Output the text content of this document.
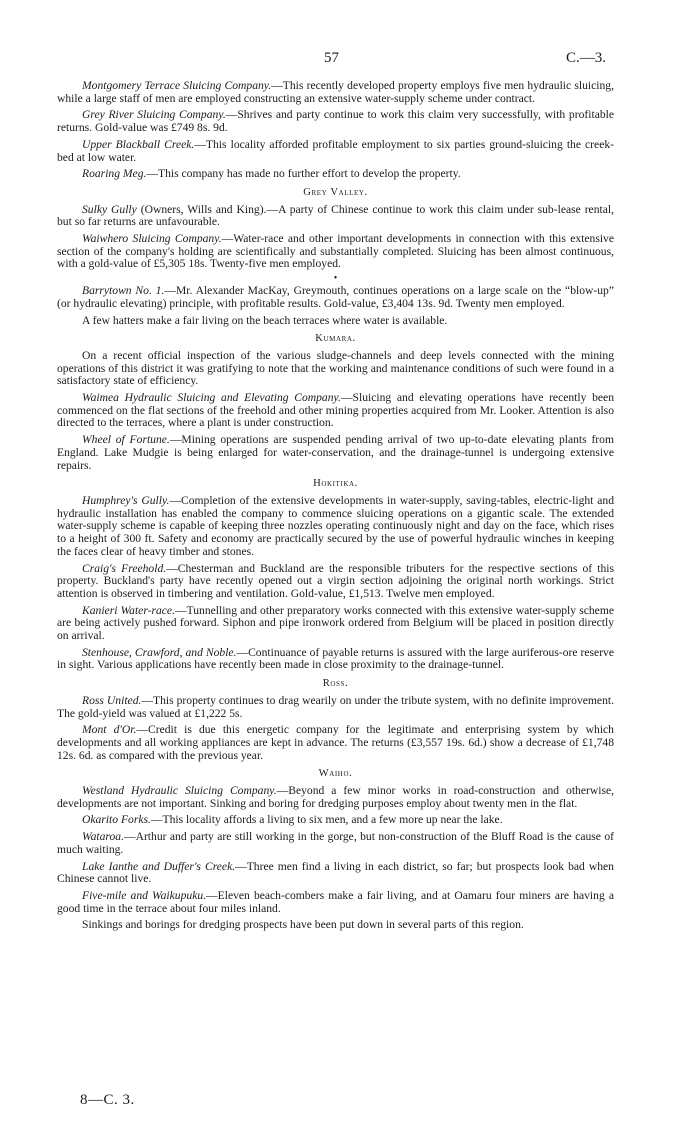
57	C.—3.

Montgomery Terrace Sluicing Company.—This recently developed property employs five men hydraulic sluicing, while a large staff of men are employed constructing an extensive water-supply scheme under contract.

Grey River Sluicing Company.—Shrives and party continue to work this claim very successfully, with profitable returns. Gold-value was £749 8s. 9d.

Upper Blackball Creek.—This locality afforded profitable employment to six parties ground-sluicing the creek-bed at low water.

Roaring Meg.—This company has made no further effort to develop the property.

Grey Valley.

Sulky Gully (Owners, Wills and King).—A party of Chinese continue to work this claim under sub-lease rental, but so far returns are unfavourable.

Waiwhero Sluicing Company.—Water-race and other important developments in connection with this extensive section of the company's holding are scientifically and substantially completed. Sluicing has been almost continuous, with a gold-value of £5,305 18s. Twenty-five men employed.

•

Barrytown No. 1.—Mr. Alexander MacKay, Greymouth, continues operations on a large scale on the “blow-up” (or hydraulic elevating) principle, with profitable results. Gold-value, £3,404 13s. 9d. Twenty men employed.

A few hatters make a fair living on the beach terraces where water is available.

Kumara.

On a recent official inspection of the various sludge-channels and deep levels connected with the mining operations of this district it was gratifying to note that the working and maintenance conditions of such were found in a satisfactory state of efficiency.

Waimea Hydraulic Sluicing and Elevating Company.—Sluicing and elevating operations have recently been commenced on the flat sections of the freehold and other mining properties acquired from Mr. Looker. Attention is also directed to the terraces, where a plant is under construction.

Wheel of Fortune.—Mining operations are suspended pending arrival of two up-to-date elevating plants from England. Lake Mudgie is being enlarged for water-conservation, and the drainage-tunnel is undergoing extensive repairs.

Hokitika.

Humphrey's Gully.—Completion of the extensive developments in water-supply, saving-tables, electric-light and hydraulic installation has enabled the company to commence sluicing operations on a gigantic scale. The extended water-supply scheme is capable of keeping three nozzles operating continuously night and day on the face, which rises to a height of 300 ft. Safety and economy are practically secured by the use of powerful hydraulic winches in keeping the faces clear of heavy timber and stones.

Craig's Freehold.—Chesterman and Buckland are the responsible tributers for the respective sections of this property. Buckland's party have recently opened out a virgin section adjoining the original north workings. Strict attention is observed in timbering and ventilation. Gold-value, £1,513. Twelve men employed.

Kanieri Water-race.—Tunnelling and other preparatory works connected with this extensive water-supply scheme are being actively pushed forward. Siphon and pipe ironwork ordered from Belgium will be placed in position directly on arrival.

Stenhouse, Crawford, and Noble.—Continuance of payable returns is assured with the large auriferous-ore reserve in sight. Various applications have recently been made in close proximity to the drainage-tunnel.

Ross.

Ross United.—This property continues to drag wearily on under the tribute system, with no definite improvement. The gold-yield was valued at £1,222 5s.

Mont d'Or.—Credit is due this energetic company for the legitimate and enterprising system by which developments and all working appliances are kept in advance. The returns (£3,557 19s. 6d.) show a decrease of £1,748 12s. 6d. as compared with the previous year.

Waiho.

Westland Hydraulic Sluicing Company.—Beyond a few minor works in road-construction and otherwise, developments are not important. Sinking and boring for dredging purposes employ about twenty men in the flat.

Okarito Forks.—This locality affords a living to six men, and a few more up near the lake.

Wataroa.—Arthur and party are still working in the gorge, but non-construction of the Bluff Road is the cause of much waiting.

Lake Ianthe and Duffer's Creek.—Three men find a living in each district, so far; but prospects look bad when Chinese cannot live.

Five-mile and Waikupuku.—Eleven beach-combers make a fair living, and at Oamaru four miners are having a good time in the terrace about four miles inland.

Sinkings and borings for dredging prospects have been put down in several parts of this region.

8—C. 3.
